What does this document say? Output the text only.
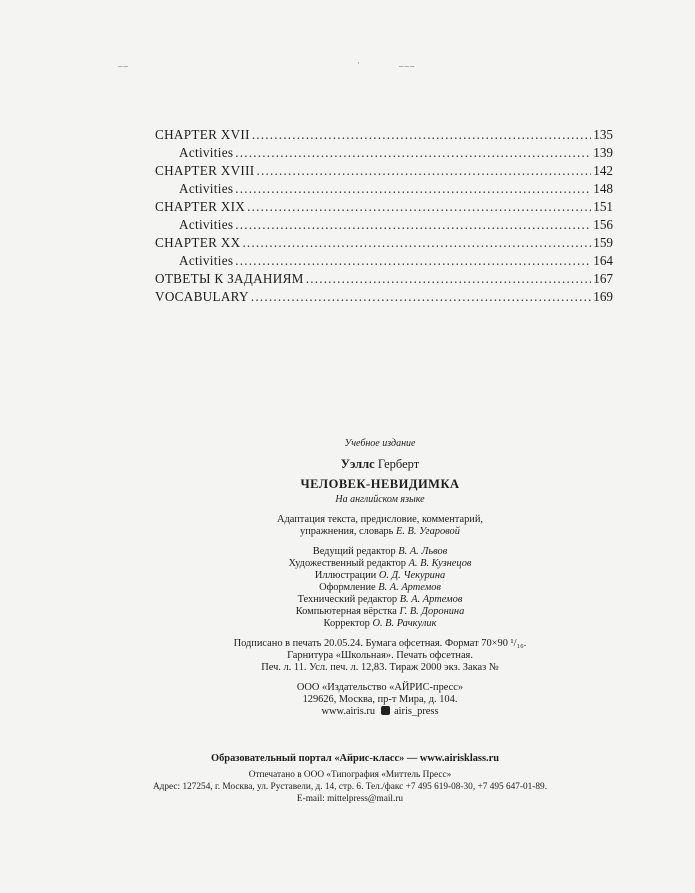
__	·	___
CHAPTER XVII .....	135
Activities .....	139
CHAPTER XVIII .....	142
Activities .....	148
CHAPTER XIX .....	151
Activities .....	156
CHAPTER XX .....	159
Activities .....	164
ОТВЕТЫ К ЗАДАНИЯМ .....	167
VOCABULARY .....	169
Учебное издание
Уэллс Герберт
ЧЕЛОВЕК-НЕВИДИМКА
На английском языке
Адаптация текста, предисловие, комментарий,
упражнения, словарь Е. В. Угаровой
Ведущий редактор В. А. Львов
Художественный редактор А. В. Кузнецов
Иллюстрации О. Д. Чекурина
Оформление В. А. Артемов
Технический редактор В. А. Артемов
Компьютерная вёрстка Г. В. Доронина
Корректор О. В. Рачкулик
Подписано в печать 20.05.24. Бумага офсетная. Формат 70×90 ¹/₁₆.
Гарнитура «Школьная». Печать офсетная.
Печ. л. 11. Усл. печ. л. 12,83. Тираж 2000 экз. Заказ №
ООО «Издательство «АЙРИС-пресс»
129626, Москва, пр-т Мира, д. 104.
www.airis.ru airis_press
Образовательный портал «Айрис-класс» — www.airisklass.ru
Отпечатано в ООО «Типография «Миттель Пресс»
Адрес: 127254, г. Москва, ул. Руставели, д. 14, стр. 6. Тел./факс +7 495 619-08-30, +7 495 647-01-89.
E-mail: mittelpress@mail.ru
